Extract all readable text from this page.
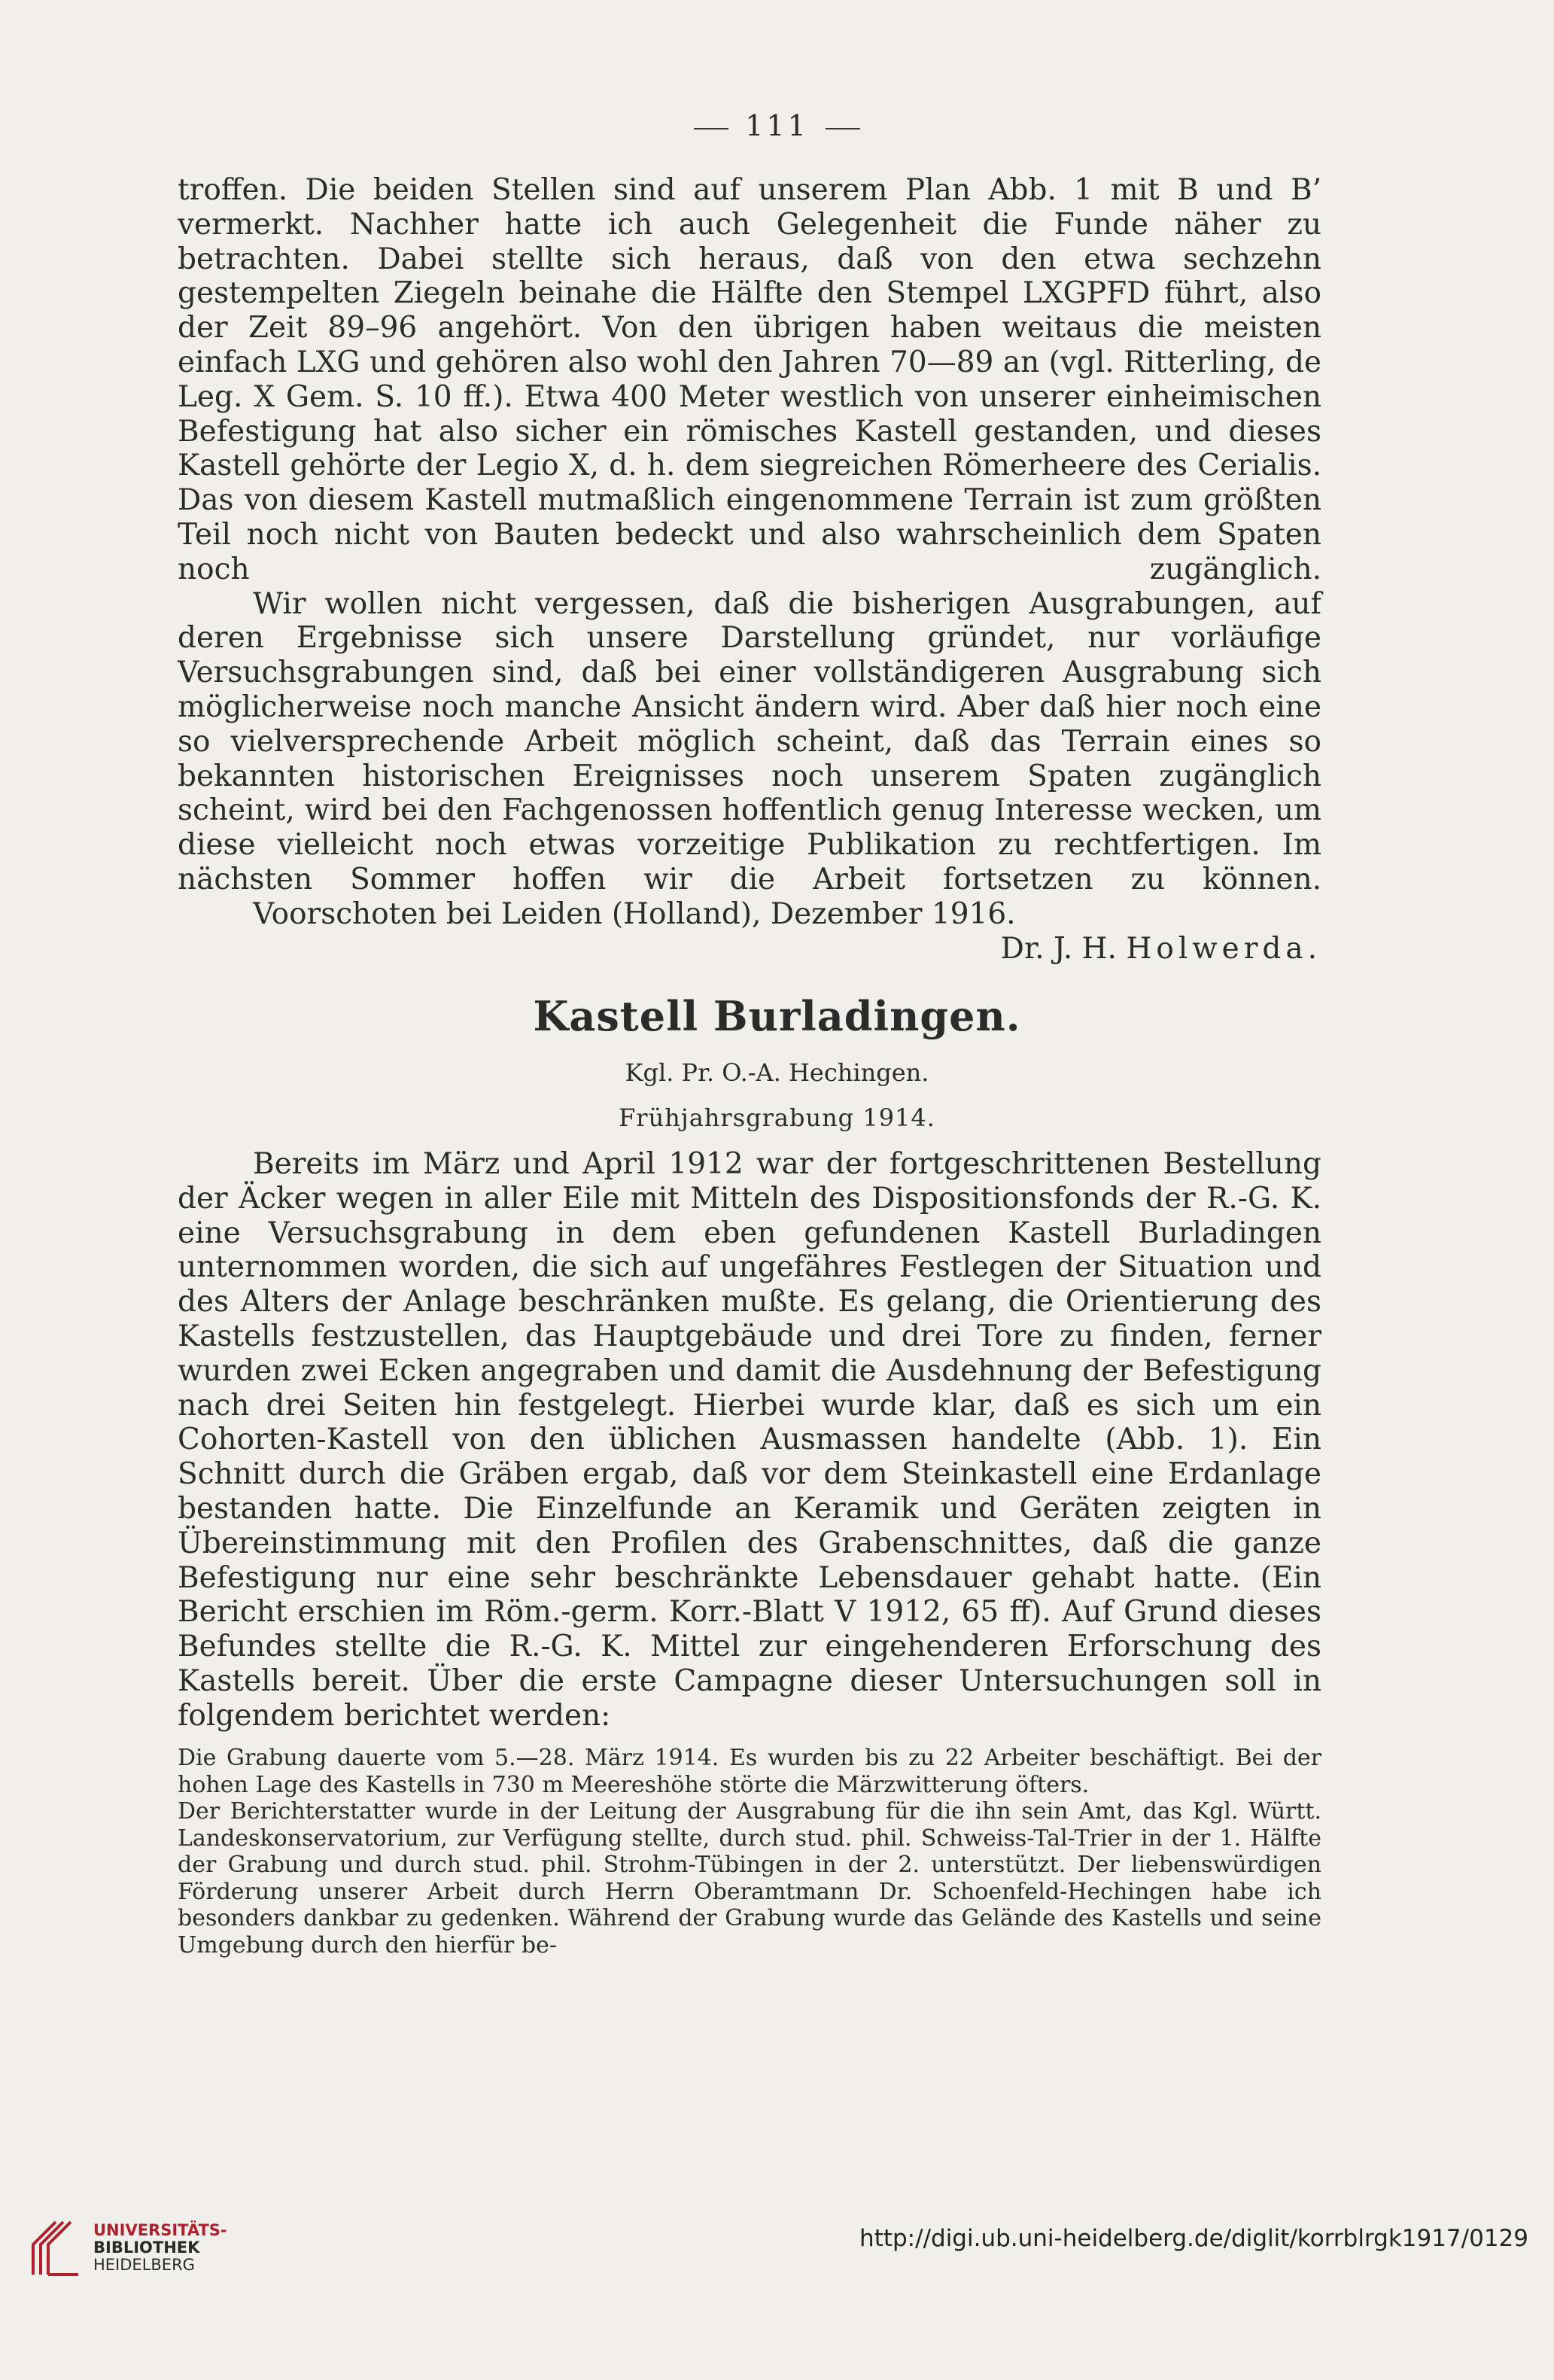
111

troffen. Die beiden Stellen sind auf unserem Plan Abb. 1 mit B und B’ vermerkt. Nachher hatte ich auch Gelegenheit die Funde näher zu betrachten. Dabei stellte sich heraus, daß von den etwa sechzehn gestempelten Ziegeln beinahe die Hälfte den Stempel LXGPFD führt, also der Zeit 89–96 angehört. Von den übrigen haben weitaus die meisten einfach LXG und gehören also wohl den Jahren 70—89 an (vgl. Ritterling, de Leg. X Gem. S. 10 ff.). Etwa 400 Meter westlich von unserer einheimischen Befestigung hat also sicher ein römisches Kastell gestanden, und dieses Kastell gehörte der Legio X, d. h. dem siegreichen Römerheere des Cerialis. Das von diesem Kastell mutmaßlich eingenommene Terrain ist zum größten Teil noch nicht von Bauten bedeckt und also wahrscheinlich dem Spaten noch zugänglich.

Wir wollen nicht vergessen, daß die bisherigen Ausgrabungen, auf deren Ergebnisse sich unsere Darstellung gründet, nur vorläufige Versuchsgrabungen sind, daß bei einer vollständigeren Ausgrabung sich möglicherweise noch manche Ansicht ändern wird. Aber daß hier noch eine so vielversprechende Arbeit möglich scheint, daß das Terrain eines so bekannten historischen Ereignisses noch unserem Spaten zugänglich scheint, wird bei den Fachgenossen hoffentlich genug Interesse wecken, um diese vielleicht noch etwas vorzeitige Publikation zu rechtfertigen. Im nächsten Sommer hoffen wir die Arbeit fortsetzen zu können.

Voorschoten bei Leiden (Holland), Dezember 1916.

Dr. J. H. Holwerda.
Kastell Burladingen.
Kgl. Pr. O.-A. Hechingen.
Frühjahrsgrabung 1914.

Bereits im März und April 1912 war der fortgeschrittenen Bestellung der Äcker wegen in aller Eile mit Mitteln des Dispositionsfonds der R.-G. K. eine Versuchsgrabung in dem eben gefundenen Kastell Burladingen unternommen worden, die sich auf ungefähres Festlegen der Situation und des Alters der Anlage beschränken mußte. Es gelang, die Orientierung des Kastells festzustellen, das Hauptgebäude und drei Tore zu finden, ferner wurden zwei Ecken angegraben und damit die Ausdehnung der Befestigung nach drei Seiten hin festgelegt. Hierbei wurde klar, daß es sich um ein Cohorten-Kastell von den üblichen Ausmassen handelte (Abb. 1). Ein Schnitt durch die Gräben ergab, daß vor dem Steinkastell eine Erdanlage bestanden hatte. Die Einzelfunde an Keramik und Geräten zeigten in Übereinstimmung mit den Profilen des Grabenschnittes, daß die ganze Befestigung nur eine sehr beschränkte Lebensdauer gehabt hatte. (Ein Bericht erschien im Röm.-germ. Korr.-Blatt V 1912, 65 ff). Auf Grund dieses Befundes stellte die R.-G. K. Mittel zur eingehenderen Erforschung des Kastells bereit. Über die erste Campagne dieser Untersuchungen soll in folgendem berichtet werden:

Die Grabung dauerte vom 5.—28. März 1914. Es wurden bis zu 22 Arbeiter beschäftigt. Bei der hohen Lage des Kastells in 730 m Meereshöhe störte die Märzwitterung öfters.

Der Berichterstatter wurde in der Leitung der Ausgrabung für die ihn sein Amt, das Kgl. Württ. Landeskonservatorium, zur Verfügung stellte, durch stud. phil. Schweiss-Tal-Trier in der 1. Hälfte der Grabung und durch stud. phil. Strohm-Tübingen in der 2. unterstützt. Der liebenswürdigen Förderung unserer Arbeit durch Herrn Oberamtmann Dr. Schoenfeld-Hechingen habe ich besonders dankbar zu gedenken. Während der Grabung wurde das Gelände des Kastells und seine Umgebung durch den hierfür be-

UNIVERSITÄTS-
BIBLIOTHEK
HEIDELBERG
http://digi.ub.uni-heidelberg.de/diglit/korrblrgk1917/0129
